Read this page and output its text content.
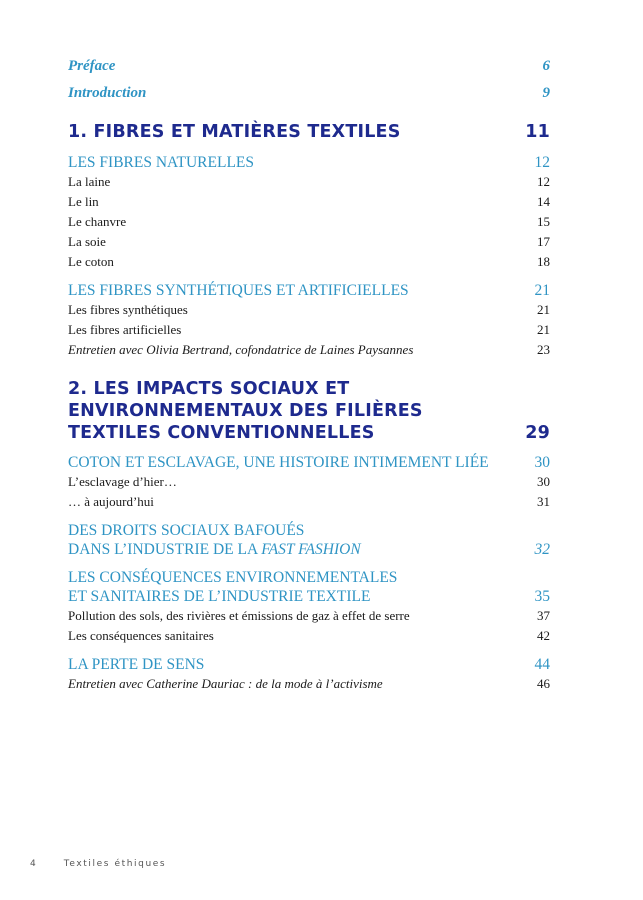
Préface	6
Introduction	9
1. FIBRES ET MATIÈRES TEXTILES	11
LES FIBRES NATURELLES	12
La laine	12
Le lin	14
Le chanvre	15
La soie	17
Le coton	18
LES FIBRES SYNTHÉTIQUES ET ARTIFICIELLES	21
Les fibres synthétiques	21
Les fibres artificielles	21
Entretien avec Olivia Bertrand, cofondatrice de Laines Paysannes	23
2. LES IMPACTS SOCIAUX ET
ENVIRONNEMENTAUX DES FILIÈRES
TEXTILES CONVENTIONNELLES	29
COTON ET ESCLAVAGE, UNE HISTOIRE INTIMEMENT LIÉE	30
L’esclavage d’hier…	30
… à aujourd’hui	31
DES DROITS SOCIAUX BAFOUÉS
DANS L’INDUSTRIE DE LA FAST FASHION	32
LES CONSÉQUENCES ENVIRONNEMENTALES
ET SANITAIRES DE L’INDUSTRIE TEXTILE	35
Pollution des sols, des rivières et émissions de gaz à effet de serre	37
Les conséquences sanitaires	42
LA PERTE DE SENS	44
Entretien avec Catherine Dauriac : de la mode à l’activisme	46
4	Textiles éthiques
